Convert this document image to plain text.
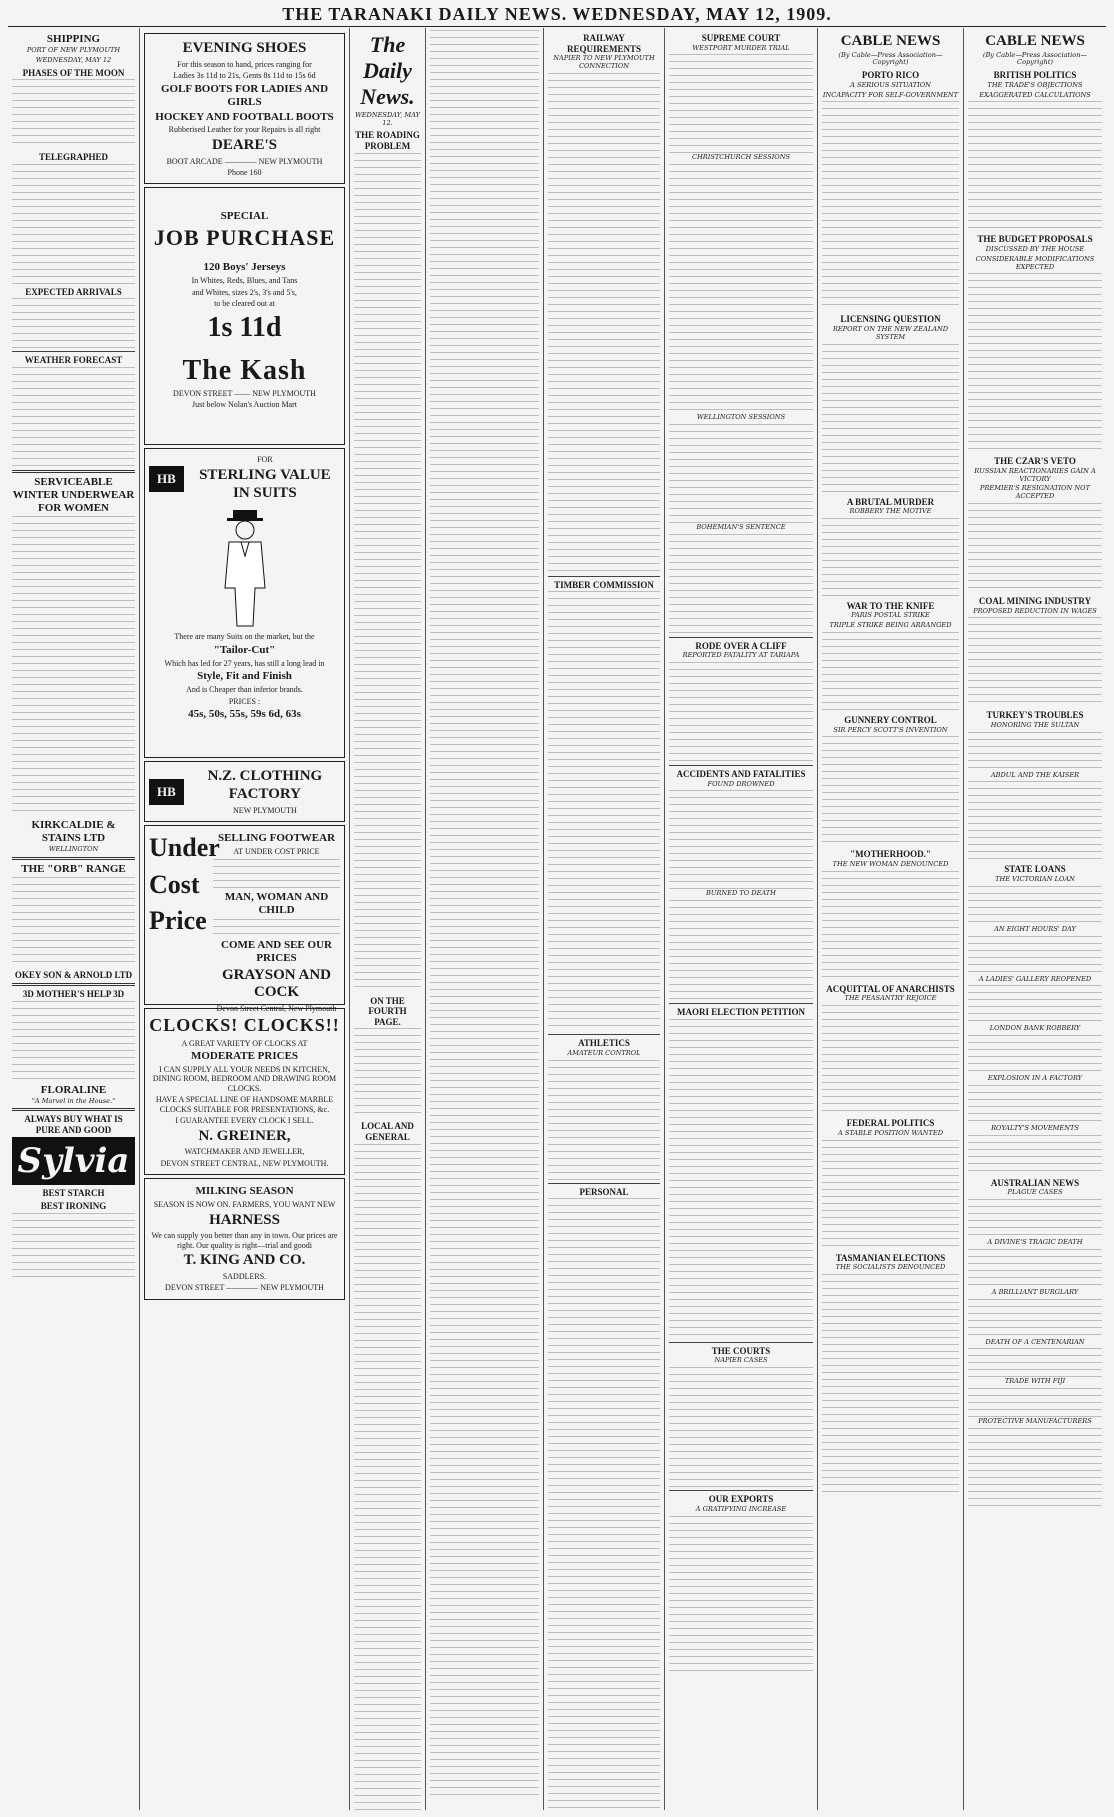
THE TARANAKI DAILY NEWS. WEDNESDAY, MAY 12, 1909.
SHIPPING
PORT OF NEW PLYMOUTH
WEDNESDAY, MAY 12
PHASES OF THE MOON
TELEGRAPHED
EXPECTED ARRIVALS
WEATHER FORECAST
SERVICEABLE WINTER UNDERWEAR FOR WOMEN
KIRKCALDIE & STAINS LTD
WELLINGTON
THE "ORB" RANGE
OKEY SON & ARNOLD LTD
3D MOTHER'S HELP 3D
FLORALINE
"A Marvel in the House."
ALWAYS BUY WHAT IS PURE AND GOOD
Sylvia
BEST STARCH
BEST IRONING
EVENING SHOES

For this season to hand, prices ranging for

Ladies 3s 11d to 21s, Gents 8s 11d to 15s 6d

GOLF BOOTS FOR LADIES AND GIRLS
HOCKEY AND FOOTBALL BOOTS

Rubberised Leather for your Repairs is all right

DEARE'S

BOOT ARCADE ———— NEW PLYMOUTH

Phone 160

SPECIAL
JOB PURCHASE
120 Boys' Jerseys

In Whites, Reds, Blues, and Tans

and Whites, sizes 2's, 3's and 5's,

to be cleared out at

1s 11d
The Kash

DEVON STREET —— NEW PLYMOUTH

Just below Nolan's Auction Mart

HB

FOR

STERLING VALUE IN SUITS

There are many Suits on the market, but the

"Tailor-Cut"

Which has led for 27 years, has still a long lead in

Style, Fit and Finish

And is Cheaper than inferior brands.

PRICES :

45s, 50s, 55s, 59s 6d, 63s
HB
N.Z. CLOTHING FACTORY

NEW PLYMOUTH

Under
Cost
Price
SELLING FOOTWEAR

AT UNDER COST PRICE

MAN, WOMAN AND CHILD
COME AND SEE OUR PRICES
GRAYSON AND COCK

Devon Street Central, New Plymouth

CLOCKS! CLOCKS!!

A GREAT VARIETY OF CLOCKS AT

MODERATE PRICES

I CAN SUPPLY ALL YOUR NEEDS IN KITCHEN, DINING ROOM, BEDROOM AND DRAWING ROOM CLOCKS.

HAVE A SPECIAL LINE OF HANDSOME MARBLE CLOCKS SUITABLE FOR PRESENTATIONS, &c.

I GUARANTEE EVERY CLOCK I SELL.

N. GREINER,

WATCHMAKER AND JEWELLER,

DEVON STREET CENTRAL, NEW PLYMOUTH.

MILKING SEASON

SEASON IS NOW ON. FARMERS, YOU WANT NEW

HARNESS

We can supply you better than any in town. Our prices are right. Our quality is right—trial and goodi

T. KING AND CO.

SADDLERS.

DEVON STREET ———— NEW PLYMOUTH

The Daily News.
WEDNESDAY, MAY 12.
THE ROADING PROBLEM
ON THE FOURTH PAGE.
LOCAL AND GENERAL
RAILWAY REQUIREMENTS
NAPIER TO NEW PLYMOUTH CONNECTION
TIMBER COMMISSION
ATHLETICS
AMATEUR CONTROL
PERSONAL
SUPREME COURT
WESTPORT MURDER TRIAL
CHRISTCHURCH SESSIONS
WELLINGTON SESSIONS
BOHEMIAN'S SENTENCE
RODE OVER A CLIFF
REPORTED FATALITY AT TARIAPA
ACCIDENTS AND FATALITIES
FOUND DROWNED
BURNED TO DEATH
MAORI ELECTION PETITION
THE COURTS
NAPIER CASES
OUR EXPORTS
A GRATIFYING INCREASE
CABLE NEWS
(By Cable—Press Association—Copyright)
PORTO RICO
A SERIOUS SITUATION
INCAPACITY FOR SELF-GOVERNMENT
LICENSING QUESTION
REPORT ON THE NEW ZEALAND SYSTEM
A BRUTAL MURDER
ROBBERY THE MOTIVE
WAR TO THE KNIFE
PARIS POSTAL STRIKE
TRIPLE STRIKE BEING ARRANGED
GUNNERY CONTROL
SIR PERCY SCOTT'S INVENTION
"MOTHERHOOD."
THE NEW WOMAN DENOUNCED
ACQUITTAL OF ANARCHISTS
THE PEASANTRY REJOICE
FEDERAL POLITICS
A STABLE POSITION WANTED
TASMANIAN ELECTIONS
THE SOCIALISTS DENOUNCED
CABLE NEWS
(By Cable—Press Association—Copyright)
BRITISH POLITICS
THE TRADE'S OBJECTIONS
EXAGGERATED CALCULATIONS
THE BUDGET PROPOSALS
DISCUSSED BY THE HOUSE
CONSIDERABLE MODIFICATIONS EXPECTED
THE CZAR'S VETO
RUSSIAN REACTIONARIES GAIN A VICTORY
PREMIER'S RESIGNATION NOT ACCEPTED
COAL MINING INDUSTRY
PROPOSED REDUCTION IN WAGES
TURKEY'S TROUBLES
HONORING THE SULTAN
ABDUL AND THE KAISER
STATE LOANS
THE VICTORIAN LOAN
AN EIGHT HOURS' DAY
A LADIES' GALLERY REOPENED
LONDON BANK ROBBERY
EXPLOSION IN A FACTORY
ROYALTY'S MOVEMENTS
AUSTRALIAN NEWS
PLAGUE CASES
A DIVINE'S TRAGIC DEATH
A BRILLIANT BURGLARY
DEATH OF A CENTENARIAN
TRADE WITH FIJI
PROTECTIVE MANUFACTURERS
